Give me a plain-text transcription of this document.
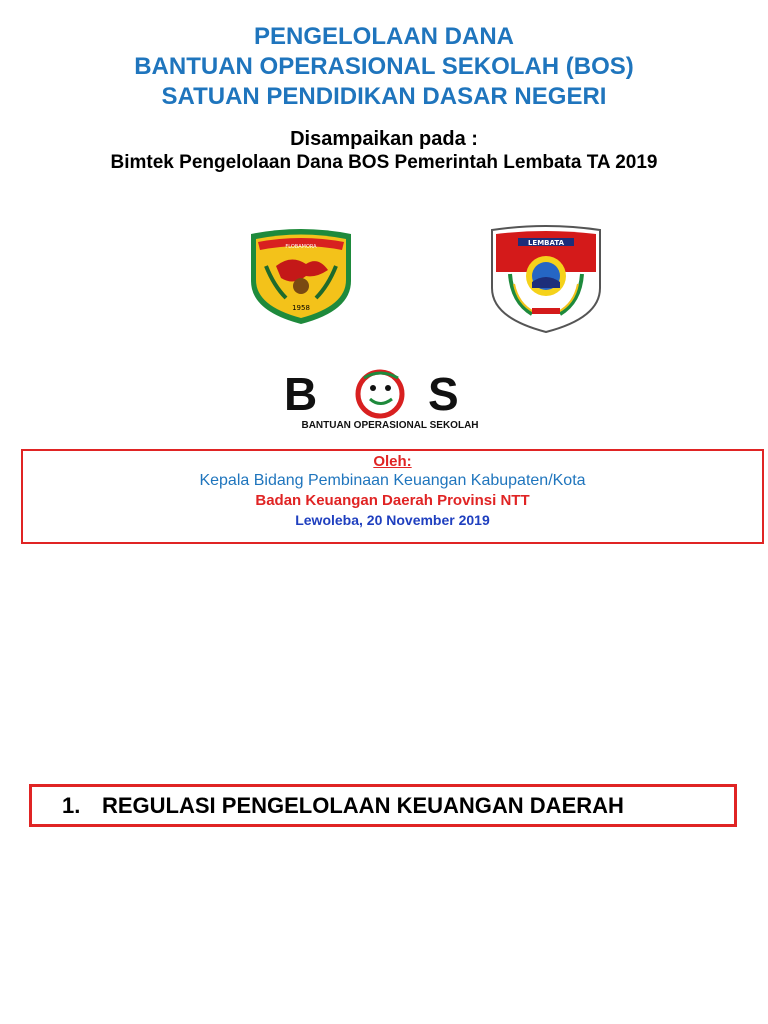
PENGELOLAAN DANA
BANTUAN OPERASIONAL SEKOLAH (BOS)
SATUAN PENDIDIKAN DASAR NEGERI
Disampaikan pada :
Bimtek Pengelolaan Dana BOS Pemerintah Lembata TA 2019
FLOBAMORA
1958
LEMBATA
B S
BANTUAN OPERASIONAL SEKOLAH
Oleh:
Kepala Bidang Pembinaan Keuangan Kabupaten/Kota
Badan Keuangan Daerah Provinsi NTT
Lewoleba, 20 November 2019
1. REGULASI PENGELOLAAN KEUANGAN DAERAH
